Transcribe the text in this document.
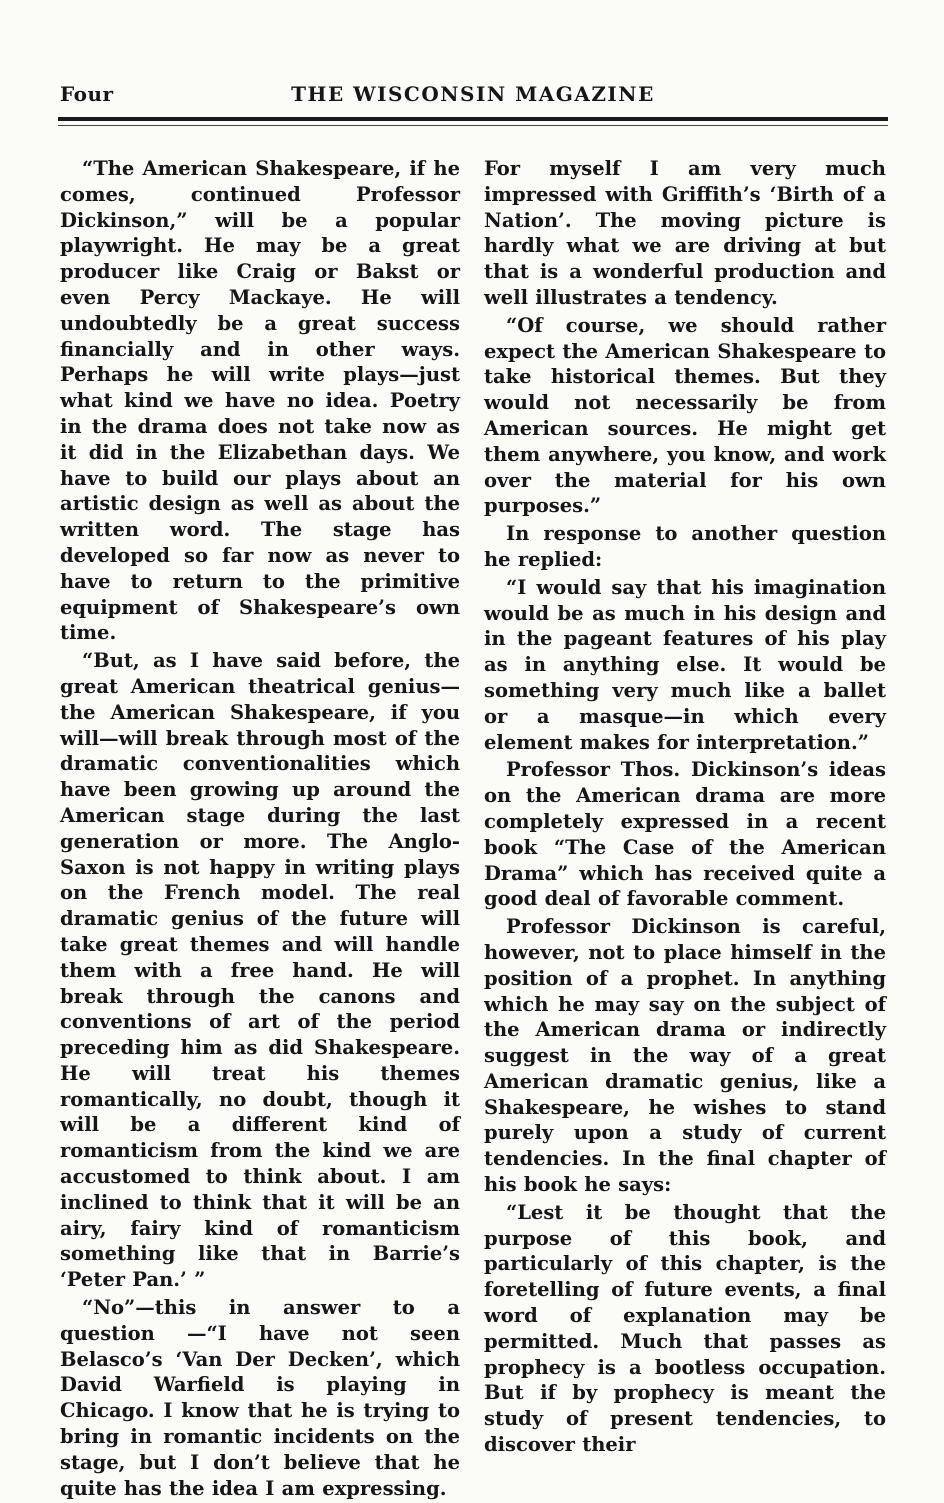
Four	THE WISCONSIN MAGAZINE

“The American Shakespeare, if he comes, continued Professor Dickinson,” will be a popular playwright. He may be a great producer like Craig or Bakst or even Percy Mackaye. He will undoubtedly be a great success financially and in other ways. Perhaps he will write plays—just what kind we have no idea. Poetry in the drama does not take now as it did in the Elizabethan days. We have to build our plays about an artistic design as well as about the written word. The stage has developed so far now as never to have to return to the primitive equipment of Shakespeare’s own time.

“But, as I have said before, the great American theatrical genius—the American Shakespeare, if you will—will break through most of the dramatic conventionalities which have been growing up around the American stage during the last generation or more. The Anglo-Saxon is not happy in writing plays on the French model. The real dramatic genius of the future will take great themes and will handle them with a free hand. He will break through the canons and conventions of art of the period preceding him as did Shakespeare. He will treat his themes romantically, no doubt, though it will be a different kind of romanticism from the kind we are accustomed to think about. I am inclined to think that it will be an airy, fairy kind of romanticism something like that in Barrie’s ‘Peter Pan.’ ”

“No”—this in answer to a question —“I have not seen Belasco’s ‘Van Der Decken’, which David Warfield is playing in Chicago. I know that he is trying to bring in romantic incidents on the stage, but I don’t believe that he quite has the idea I am expressing.

For myself I am very much impressed with Griffith’s ‘Birth of a Nation’. The moving picture is hardly what we are driving at but that is a wonderful production and well illustrates a tendency.

“Of course, we should rather expect the American Shakespeare to take historical themes. But they would not necessarily be from American sources. He might get them anywhere, you know, and work over the material for his own purposes.”

In response to another question he replied:

“I would say that his imagination would be as much in his design and in the pageant features of his play as in anything else. It would be something very much like a ballet or a masque—in which every element makes for interpretation.”

Professor Thos. Dickinson’s ideas on the American drama are more completely expressed in a recent book “The Case of the American Drama” which has received quite a good deal of favorable comment.

Professor Dickinson is careful, however, not to place himself in the position of a prophet. In anything which he may say on the subject of the American drama or indirectly suggest in the way of a great American dramatic genius, like a Shakespeare, he wishes to stand purely upon a study of current tendencies. In the final chapter of his book he says:

“Lest it be thought that the purpose of this book, and particularly of this chapter, is the foretelling of future events, a final word of explanation may be permitted. Much that passes as prophecy is a bootless occupation. But if by prophecy is meant the study of present tendencies, to discover their
